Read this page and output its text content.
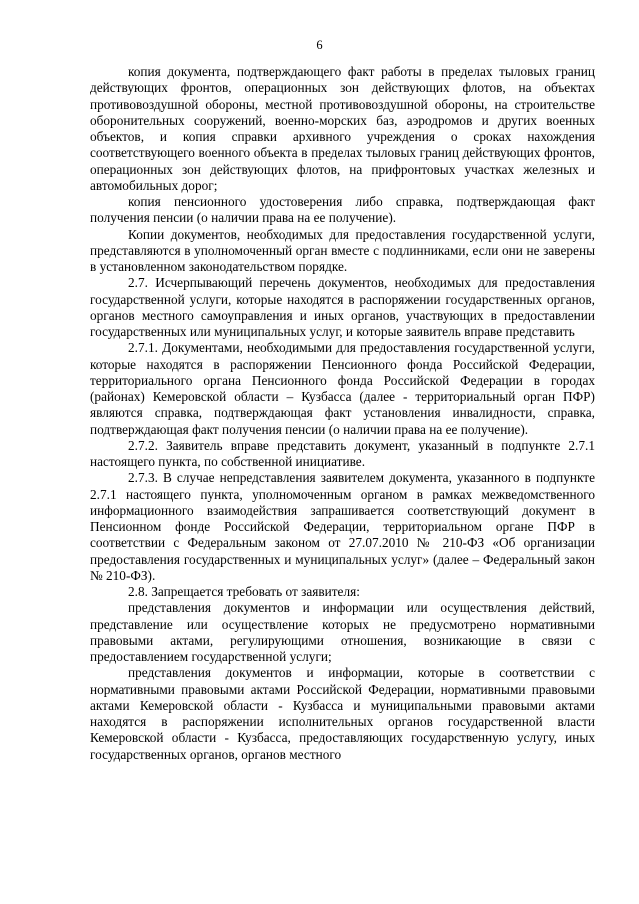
6

копия документа, подтверждающего факт работы в пределах тыловых границ действующих фронтов, операционных зон действующих флотов, на объектах противовоздушной обороны, местной противовоздушной обороны, на строительстве оборонительных сооружений, военно-морских баз, аэродромов и других военных объектов, и копия справки архивного учреждения о сроках нахождения соответствующего военного объекта в пределах тыловых границ действующих фронтов, операционных зон действующих флотов, на прифронтовых участках железных и автомобильных дорог;

копия пенсионного удостоверения либо справка, подтверждающая факт получения пенсии (о наличии права на ее получение).

Копии документов, необходимых для предоставления государственной услуги, представляются в уполномоченный орган вместе с подлинниками, если они не заверены в установленном законодательством порядке.

2.7. Исчерпывающий перечень документов, необходимых для предоставления государственной услуги, которые находятся в распоряжении государственных органов, органов местного самоуправления и иных органов, участвующих в предоставлении государственных или муниципальных услуг, и которые заявитель вправе представить

2.7.1. Документами, необходимыми для предоставления государственной услуги, которые находятся в распоряжении Пенсионного фонда Российской Федерации, территориального органа Пенсионного фонда Российской Федерации в городах (районах) Кемеровской области – Кузбасса (далее - территориальный орган ПФР) являются справка, подтверждающая факт установления инвалидности, справка, подтверждающая факт получения пенсии (о наличии права на ее получение).

2.7.2. Заявитель вправе представить документ, указанный в подпункте 2.7.1 настоящего пункта, по собственной инициативе.

2.7.3. В случае непредставления заявителем документа, указанного в подпункте 2.7.1 настоящего пункта, уполномоченным органом в рамках межведомственного информационного взаимодействия запрашивается соответствующий документ в Пенсионном фонде Российской Федерации, территориальном органе ПФР в соответствии с Федеральным законом от 27.07.2010 № 210-ФЗ «Об организации предоставления государственных и муниципальных услуг» (далее – Федеральный закон № 210-ФЗ).

2.8. Запрещается требовать от заявителя:

представления документов и информации или осуществления действий, представление или осуществление которых не предусмотрено нормативными правовыми актами, регулирующими отношения, возникающие в связи с предоставлением государственной услуги;

представления документов и информации, которые в соответствии с нормативными правовыми актами Российской Федерации, нормативными правовыми актами Кемеровской области - Кузбасса и муниципальными правовыми актами находятся в распоряжении исполнительных органов государственной власти Кемеровской области - Кузбасса, предоставляющих государственную услугу, иных государственных органов, органов местного
